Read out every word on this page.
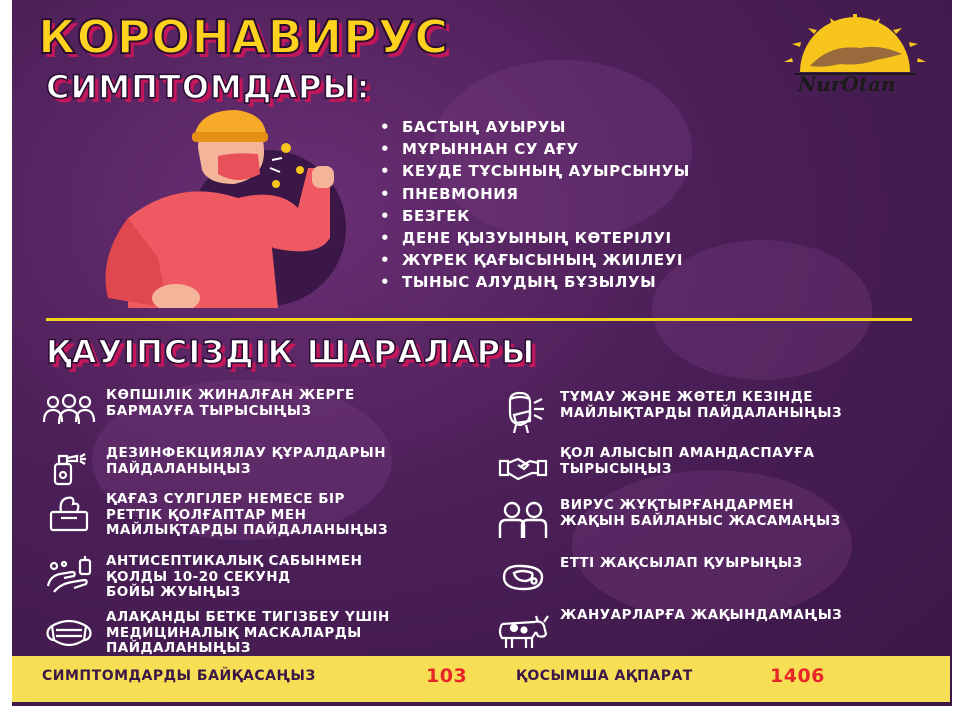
КОРОНАВИРУС
СИМПТОМДАРЫ:	NurOtan
• БАСТЫҢ АУЫРУЫ
• МҰРЫННАН СУ АҒУ
• КЕУДЕ ТҰСЫНЫҢ АУЫРСЫНУЫ
• ПНЕВМОНИЯ
• БЕЗГЕК
• ДЕНЕ ҚЫЗУЫНЫҢ КӨТЕРІЛУІ
• ЖҮРЕК ҚАҒЫСЫНЫҢ ЖИІЛЕУІ
• ТЫНЫС АЛУДЫҢ БҰЗЫЛУЫ
ҚАУІПСІЗДІК ШАРАЛАРЫ
КӨПШІЛІК ЖИНАЛҒАН ЖЕРГЕ
БАРМАУҒА ТЫРЫСЫҢЫЗ
ДЕЗИНФЕКЦИЯЛАУ ҚҰРАЛДАРЫН
ПАЙДАЛАНЫҢЫЗ
ҚАҒАЗ СҮЛГІЛЕР НЕМЕСЕ БІР
РЕТТІК ҚОЛҒАПТАР МЕН
МАЙЛЫҚТАРДЫ ПАЙДАЛАНЫҢЫЗ
АНТИСЕПТИКАЛЫҚ САБЫНМЕН
ҚОЛДЫ 10-20 СЕКУНД
БОЙЫ ЖУЫҢЫЗ
АЛАҚАНДЫ БЕТКЕ ТИГІЗБЕУ ҮШІН
МЕДИЦИНАЛЫҚ МАСКАЛАРДЫ
ПАЙДАЛАНЫҢЫЗ
ТҰМАУ ЖӘНЕ ЖӨТЕЛ КЕЗІНДЕ
МАЙЛЫҚТАРДЫ ПАЙДАЛАНЫҢЫЗ
ҚОЛ АЛЫСЫП АМАНДАСПАУҒА
ТЫРЫСЫҢЫЗ
ВИРУС ЖҰҚТЫРҒАНДАРМЕН
ЖАҚЫН БАЙЛАНЫС ЖАСАМАҢЫЗ
ЕТТІ ЖАҚСЫЛАП ҚУЫРЫҢЫЗ
ЖАНУАРЛАРҒА ЖАҚЫНДАМАҢЫЗ
СИМПТОМДАРДЫ БАЙҚАСАҢЫЗ	103	ҚОСЫМША АҚПАРАТ	1406
